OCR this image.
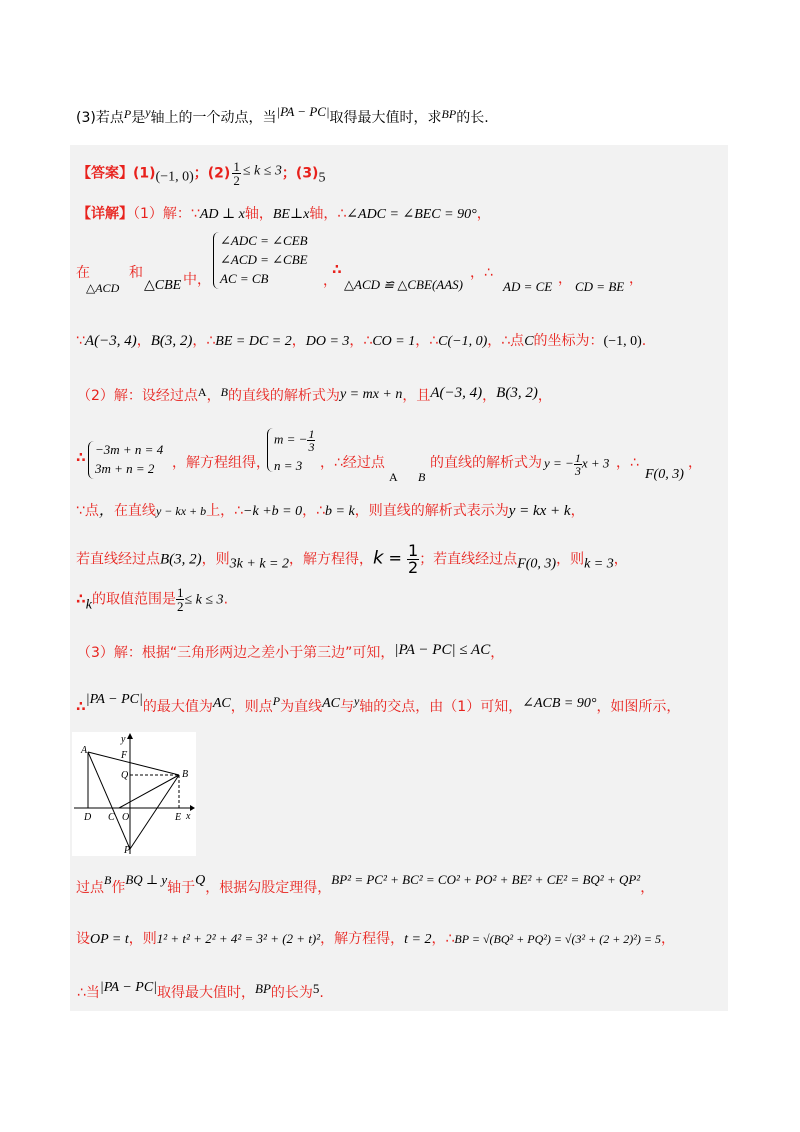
(3)若点P是y轴上的一个动点，当|PA − PC|取得最大值时，求BP的长.
【答案】(1)(−1, 0)；$(2) \frac{1}{2} \le k \le 3$；(3)5
【详解】（1）解：∵AD ⊥ x轴，BE⊥x轴，∴∠ADC = ∠BEC = 90°，
在
△ACD
和
△CBE 中，
∠ADC = ∠CEB
∠ACD = ∠CBE
AC = CB	，
∴
△ACD ≌ △CBE(AAS)
，∴
AD = CE ， CD = BE ，
∵A(−3, 4)，B(3, 2)，∴BE = DC = 2，DO = 3，∴CO = 1，∴C(−1, 0)，∴点C的坐标为：(−1, 0).
（2）解：设经过点A，B的直线的解析式为y = mx + n，且A(−3, 4)，B(3, 2)，
∴
−3m + n = 4
3m + n = 2	，解方程组得，
m = − $\frac{1}{3}$
n = 3	，∴经过点
A B
的直线的解析式为 y = − $\frac{1}{3}$ x + 3 ，∴
F(0, 3)
，
∵点，在直线y − kx + b上，∴−k +b = 0，∴b = k，则直线的解析式表示为y = kx + k，
若直线经过点B(3, 2)，则3k + k = 2，解方程得，$k = \frac{1}{2}$ ；若直线经过点F(0, 3)，则k = 3，
∴k的取值范围是 $\frac{1}{2} \le k \le 3$.
（3）解：根据“三角形两边之差小于第三边”可知，|PA − PC| ≤ AC，
∴|PA − PC|的最大值为AC，则点P为直线AC与y轴的交点，由（1）可知，∠ACB = 90°，如图所示，
A
B
C
D	E
F
O
P
Q
x
y
过点B作BQ ⊥ y轴于Q，根据勾股定理得，BP² = PC² + BC² = CO² + PO² + BE² + CE² = BQ² + QP²，
设OP = t，则1² + t² + 2² + 4² = 3² + (2 + t)²，解方程得，t = 2，∴BP = √(BQ² + PQ²) = √(3² + (2 + 2)²) = 5，
∴当|PA − PC|取得最大值时，BP的长为5.
